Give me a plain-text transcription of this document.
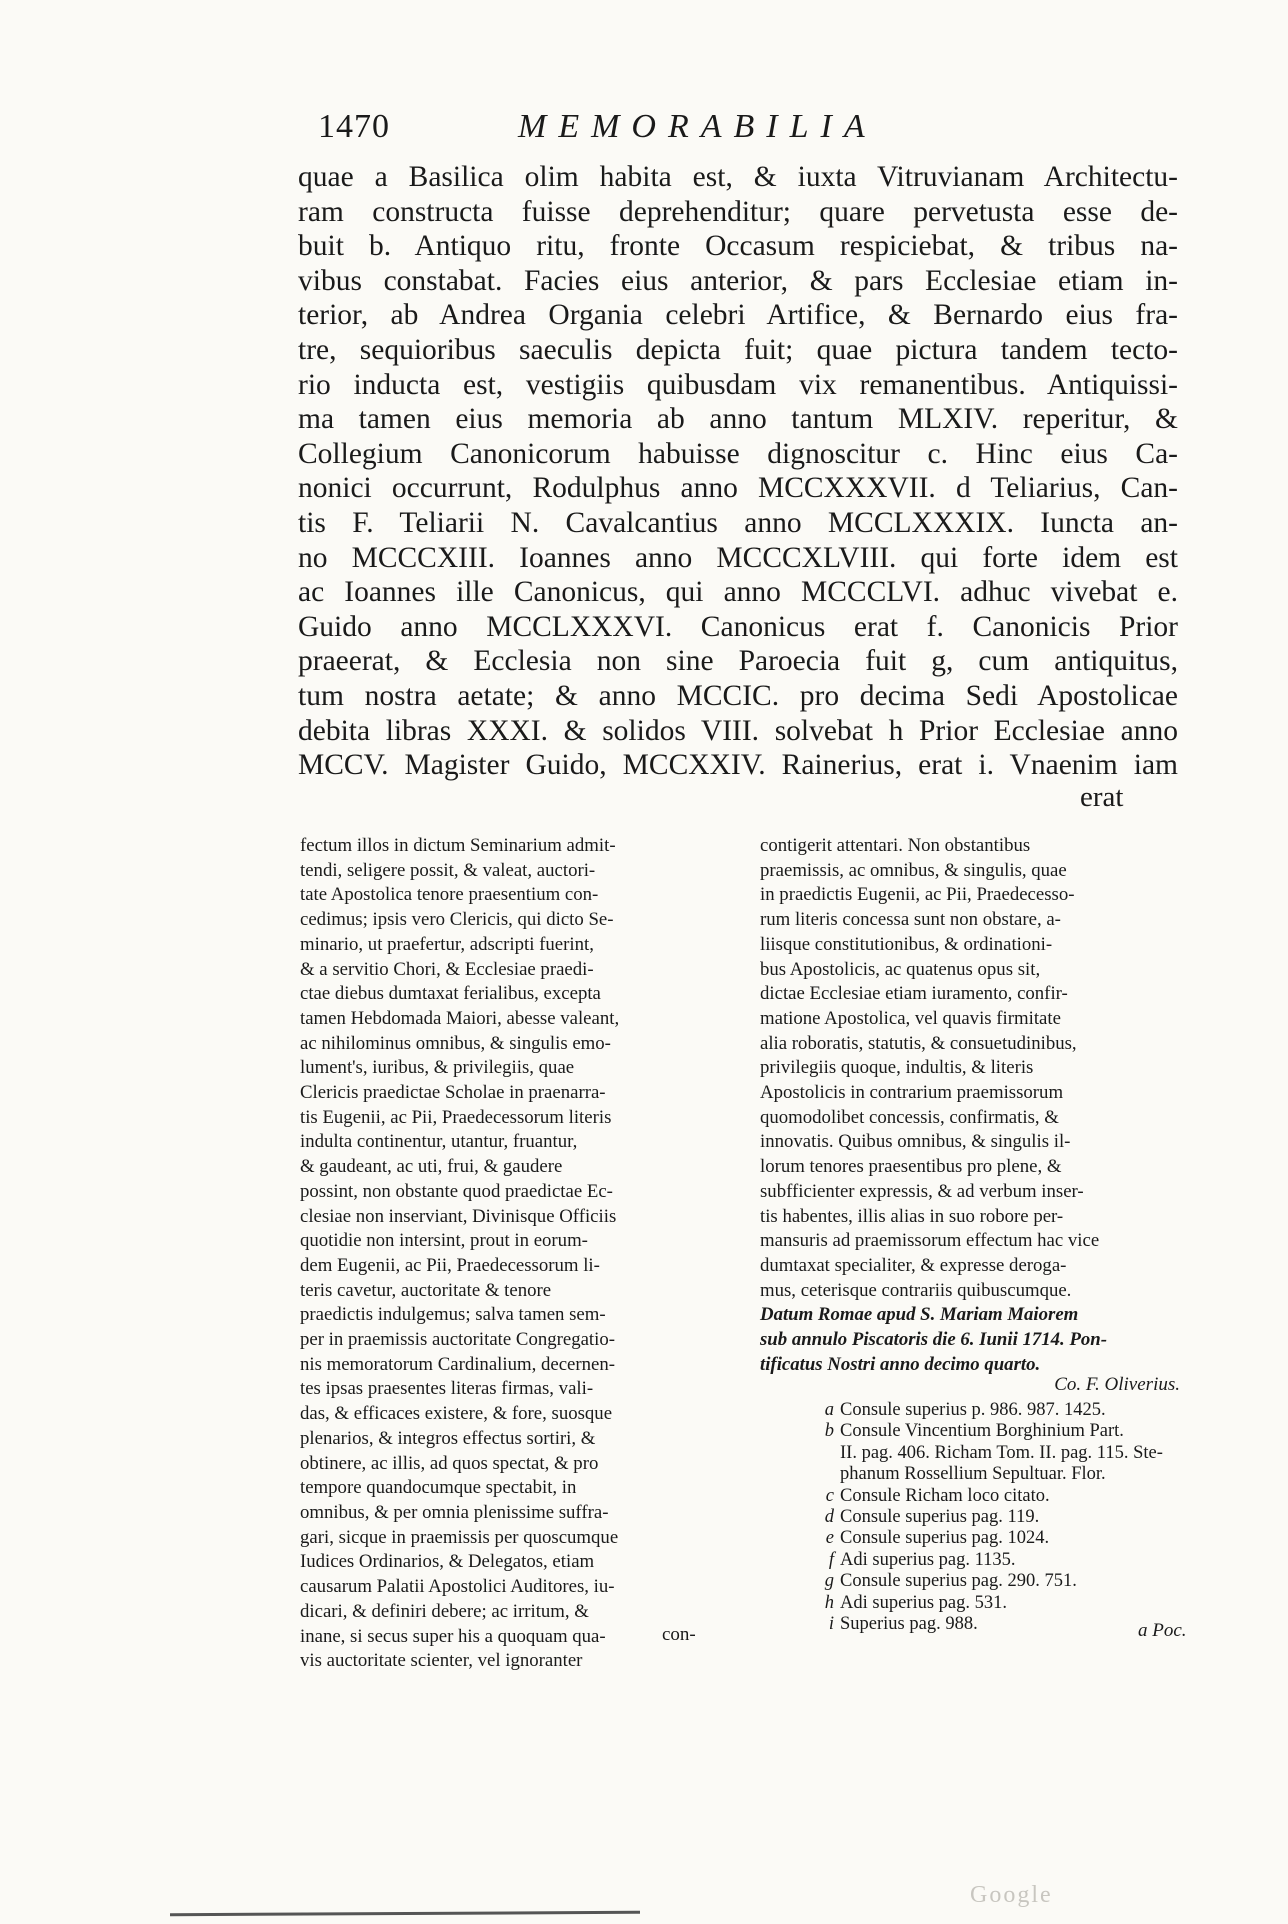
1470	MEMORABILIA

quae a Basilica olim habita est, & iuxta Vitruvianam Architectu-

ram constructa fuisse deprehenditur; quare pervetusta esse de-

buit b. Antiquo ritu, fronte Occasum respiciebat, & tribus na-

vibus constabat. Facies eius anterior, & pars Ecclesiae etiam in-

terior, ab Andrea Organia celebri Artifice, & Bernardo eius fra-

tre, sequioribus saeculis depicta fuit; quae pictura tandem tecto-

rio inducta est, vestigiis quibusdam vix remanentibus. Antiquissi-

ma tamen eius memoria ab anno tantum MLXIV. reperitur, &

Collegium Canonicorum habuisse dignoscitur c. Hinc eius Ca-

nonici occurrunt, Rodulphus anno MCCXXXVII. d Teliarius, Can-

tis F. Teliarii N. Cavalcantius anno MCCLXXXIX. Iuncta an-

no MCCCXIII. Ioannes anno MCCCXLVIII. qui forte idem est

ac Ioannes ille Canonicus, qui anno MCCCLVI. adhuc vivebat e.

Guido anno MCCLXXXVI. Canonicus erat f. Canonicis Prior

praeerat, & Ecclesia non sine Paroecia fuit g, cum antiquitus,

tum nostra aetate; & anno MCCIC. pro decima Sedi Apostolicae

debita libras XXXI. & solidos VIII. solvebat h Prior Ecclesiae anno

MCCV. Magister Guido, MCCXXIV. Rainerius, erat i. Vnaenim iam

erat

fectum illos in dictum Seminarium admit-

tendi, seligere possit, & valeat, auctori-

tate Apostolica tenore praesentium con-

cedimus; ipsis vero Clericis, qui dicto Se-

minario, ut praefertur, adscripti fuerint,

& a servitio Chori, & Ecclesiae praedi-

ctae diebus dumtaxat ferialibus, excepta

tamen Hebdomada Maiori, abesse valeant,

ac nihilominus omnibus, & singulis emo-

lument's, iuribus, & privilegiis, quae

Clericis praedictae Scholae in praenarra-

tis Eugenii, ac Pii, Praedecessorum literis

indulta continentur, utantur, fruantur,

& gaudeant, ac uti, frui, & gaudere

possint, non obstante quod praedictae Ec-

clesiae non inserviant, Divinisque Officiis

quotidie non intersint, prout in eorum-

dem Eugenii, ac Pii, Praedecessorum li-

teris cavetur, auctoritate & tenore

praedictis indulgemus; salva tamen sem-

per in praemissis auctoritate Congregatio-

nis memoratorum Cardinalium, decernen-

tes ipsas praesentes literas firmas, vali-

das, & efficaces existere, & fore, suosque

plenarios, & integros effectus sortiri, &

obtinere, ac illis, ad quos spectat, & pro

tempore quandocumque spectabit, in

omnibus, & per omnia plenissime suffra-

gari, sicque in praemissis per quoscumque

Iudices Ordinarios, & Delegatos, etiam

causarum Palatii Apostolici Auditores, iu-

dicari, & definiri debere; ac irritum, &

inane, si secus super his a quoquam qua-

vis auctoritate scienter, vel ignoranter

con-

contigerit attentari. Non obstantibus

praemissis, ac omnibus, & singulis, quae

in praedictis Eugenii, ac Pii, Praedecesso-

rum literis concessa sunt non obstare, a-

liisque constitutionibus, & ordinationi-

bus Apostolicis, ac quatenus opus sit,

dictae Ecclesiae etiam iuramento, confir-

matione Apostolica, vel quavis firmitate

alia roboratis, statutis, & consuetudinibus,

privilegiis quoque, indultis, & literis

Apostolicis in contrarium praemissorum

quomodolibet concessis, confirmatis, &

innovatis. Quibus omnibus, & singulis il-

lorum tenores praesentibus pro plene, &

subfficienter expressis, & ad verbum inser-

tis habentes, illis alias in suo robore per-

mansuris ad praemissorum effectum hac vice

dumtaxat specialiter, & expresse derogа-

mus, ceterisque contrariis quibuscumque.

Datum Romae apud S. Mariam Maiorem

sub annulo Piscatoris die 6. Iunii 1714. Pon-

tificatus Nostri anno decimo quarto.

Co. F. Oliverius.
a Consule superius p. 986. 987. 1425.
b Consule Vincentium Borghinium Part.
II. pag. 406. Richam Tom. II. pag. 115. Ste-
phanum Rossellium Sepultuar. Flor.
c Consule Richam loco citato.
d Consule superius pag. 119.
e Consule superius pag. 1024.
f Adi superius pag. 1135.
g Consule superius pag. 290. 751.
h Adi superius pag. 531.
i Superius pag. 988.	a Poc.
Google
